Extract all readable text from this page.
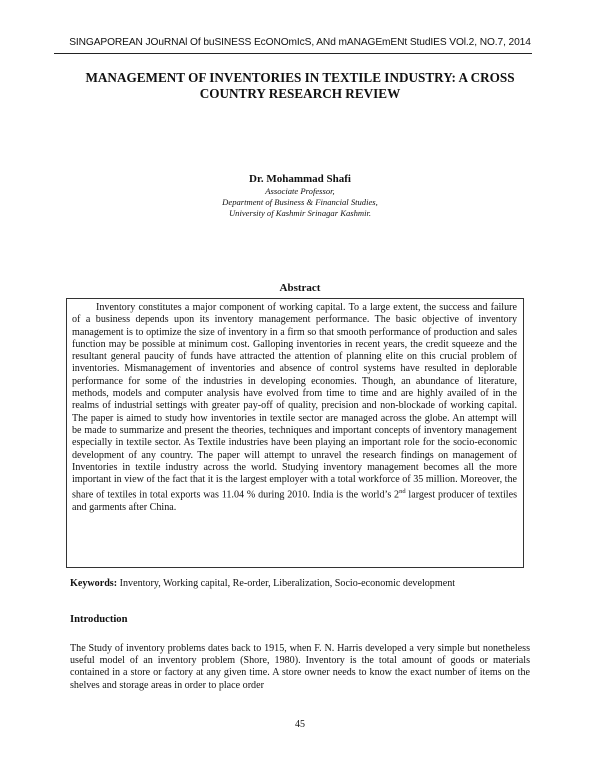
SINGAPOREAN JOuRNAl Of buSINESS EcONOmIcS, ANd mANAGEmENt StudIES VOl.2, NO.7, 2014
MANAGEMENT OF INVENTORIES IN TEXTILE INDUSTRY: A CROSS COUNTRY RESEARCH REVIEW
Dr. Mohammad Shafi
Associate Professor,
Department of Business & Financial Studies,
University of Kashmir Srinagar Kashmir.
Abstract

Inventory constitutes a major component of working capital. To a large extent, the success and failure of a business depends upon its inventory management performance. The basic objective of inventory management is to optimize the size of inventory in a firm so that smooth performance of production and sales function may be possible at minimum cost. Galloping inventories in recent years, the credit squeeze and the resultant general paucity of funds have attracted the attention of planning elite on this crucial problem of inventories. Mismanagement of inventories and absence of control systems have resulted in deplorable performance for some of the industries in developing economies. Though, an abundance of literature, methods, models and computer analysis have evolved from time to time and are highly availed of in the realms of industrial settings with greater pay-off of quality, precision and non-blockade of working capital. The paper is aimed to study how inventories in textile sector are managed across the globe. An attempt will be made to summarize and present the theories, techniques and important concepts of inventory management especially in textile sector. As Textile industries have been playing an important role for the socio-economic development of any country. The paper will attempt to unravel the research findings on management of Inventories in textile industry across the world. Studying inventory management becomes all the more important in view of the fact that it is the largest employer with a total workforce of 35 million. Moreover, the share of textiles in total exports was 11.04 % during 2010. India is the world’s 2nd largest producer of textiles and garments after China.

Keywords: Inventory, Working capital, Re-order, Liberalization, Socio-economic development
Introduction

The Study of inventory problems dates back to 1915, when F. N. Harris developed a very simple but nonetheless useful model of an inventory problem (Shore, 1980). Inventory is the total amount of goods or materials contained in a store or factory at any given time. A store owner needs to know the exact number of items on the shelves and storage areas in order to place order

45
